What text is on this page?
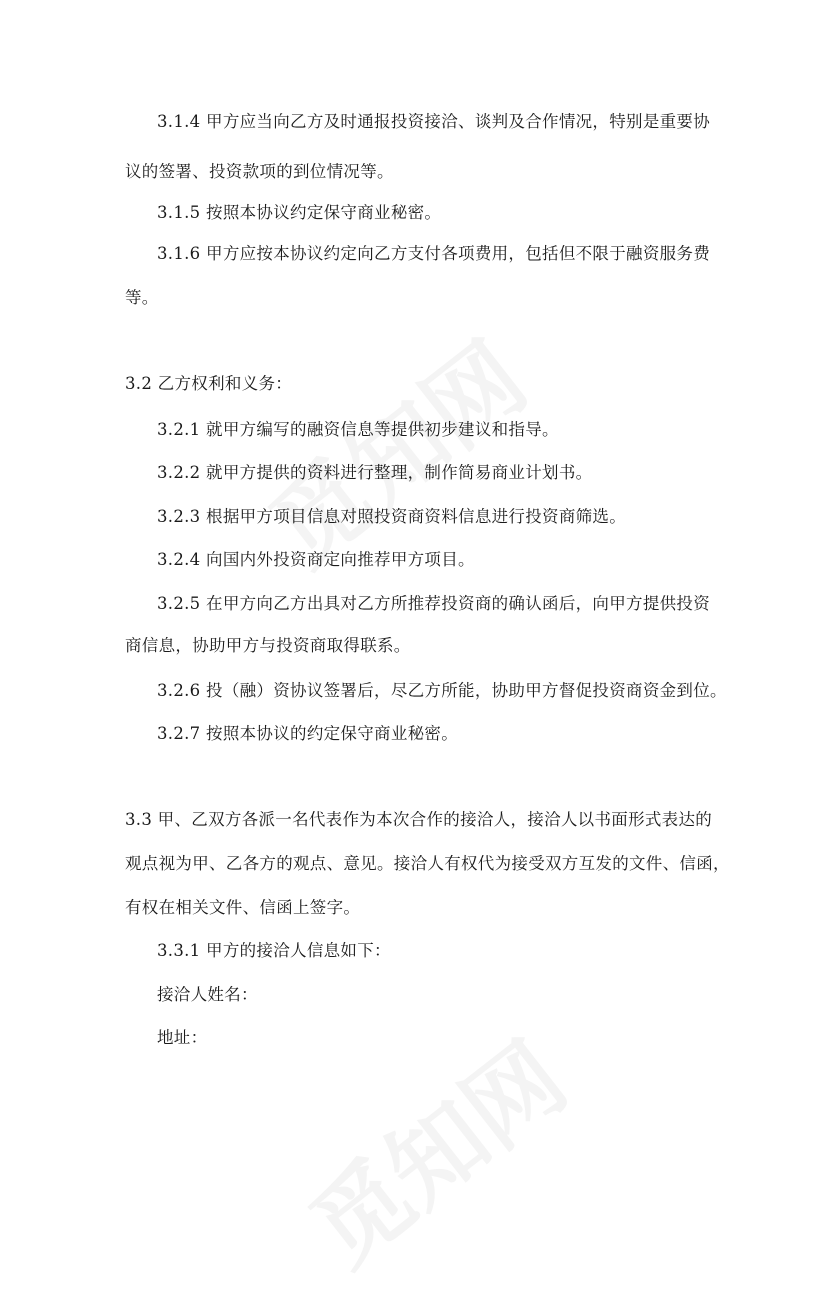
3.1.4 甲方应当向乙方及时通报投资接洽、谈判及合作情况，特别是重要协

议的签署、投资款项的到位情况等。

3.1.5 按照本协议约定保守商业秘密。

3.1.6 甲方应按本协议约定向乙方支付各项费用，包括但不限于融资服务费

等。

3.2 乙方权利和义务：

3.2.1 就甲方编写的融资信息等提供初步建议和指导。

3.2.2 就甲方提供的资料进行整理，制作简易商业计划书。

3.2.3 根据甲方项目信息对照投资商资料信息进行投资商筛选。

3.2.4 向国内外投资商定向推荐甲方项目。

3.2.5 在甲方向乙方出具对乙方所推荐投资商的确认函后，向甲方提供投资

商信息，协助甲方与投资商取得联系。

3.2.6 投（融）资协议签署后，尽乙方所能，协助甲方督促投资商资金到位。

3.2.7 按照本协议的约定保守商业秘密。

3.3 甲、乙双方各派一名代表作为本次合作的接洽人，接洽人以书面形式表达的

观点视为甲、乙各方的观点、意见。接洽人有权代为接受双方互发的文件、信函，

有权在相关文件、信函上签字。

3.3.1 甲方的接洽人信息如下：

接洽人姓名：

地址：
